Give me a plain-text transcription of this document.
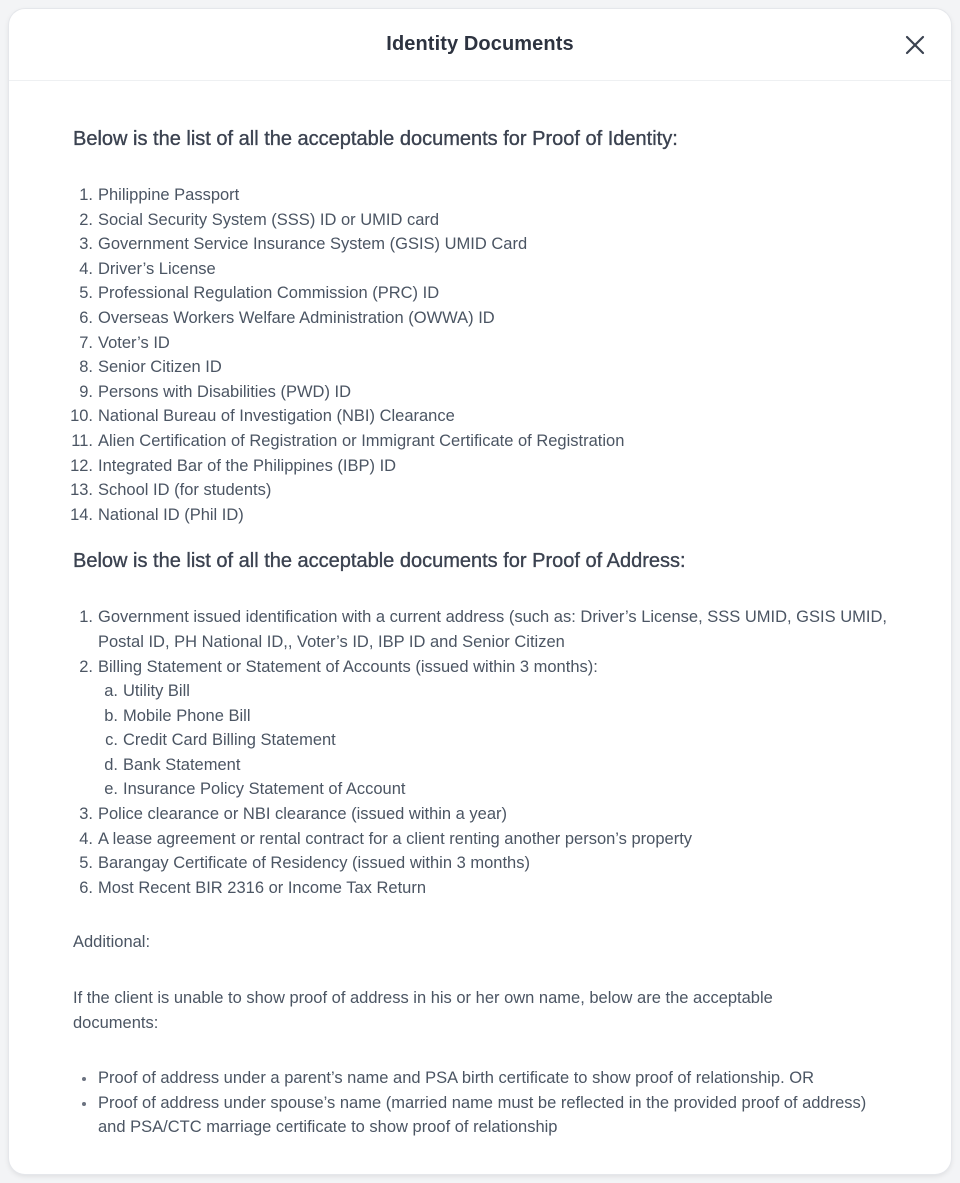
Identity Documents
Below is the list of all the acceptable documents for Proof of Identity:
1. Philippine Passport
2. Social Security System (SSS) ID or UMID card
3. Government Service Insurance System (GSIS) UMID Card
4. Driver’s License
5. Professional Regulation Commission (PRC) ID
6. Overseas Workers Welfare Administration (OWWA) ID
7. Voter’s ID
8. Senior Citizen ID
9. Persons with Disabilities (PWD) ID
10. National Bureau of Investigation (NBI) Clearance
11. Alien Certification of Registration or Immigrant Certificate of Registration
12. Integrated Bar of the Philippines (IBP) ID
13. School ID (for students)
14. National ID (Phil ID)
Below is the list of all the acceptable documents for Proof of Address:
1. Government issued identification with a current address (such as: Driver’s License, SSS UMID, GSIS UMID, Postal ID, PH National ID,, Voter’s ID, IBP ID and Senior Citizen
2. Billing Statement or Statement of Accounts (issued within 3 months):
a. Utility Bill
b. Mobile Phone Bill
c. Credit Card Billing Statement
d. Bank Statement
e. Insurance Policy Statement of Account
3. Police clearance or NBI clearance (issued within a year)
4. A lease agreement or rental contract for a client renting another person’s property
5. Barangay Certificate of Residency (issued within 3 months)
6. Most Recent BIR 2316 or Income Tax Return

Additional:

If the client is unable to show proof of address in his or her own name, below are the acceptable documents:

Proof of address under a parent’s name and PSA birth certificate to show proof of relationship. OR
Proof of address under spouse’s name (married name must be reflected in the provided proof of address) and PSA/CTC marriage certificate to show proof of relationship
